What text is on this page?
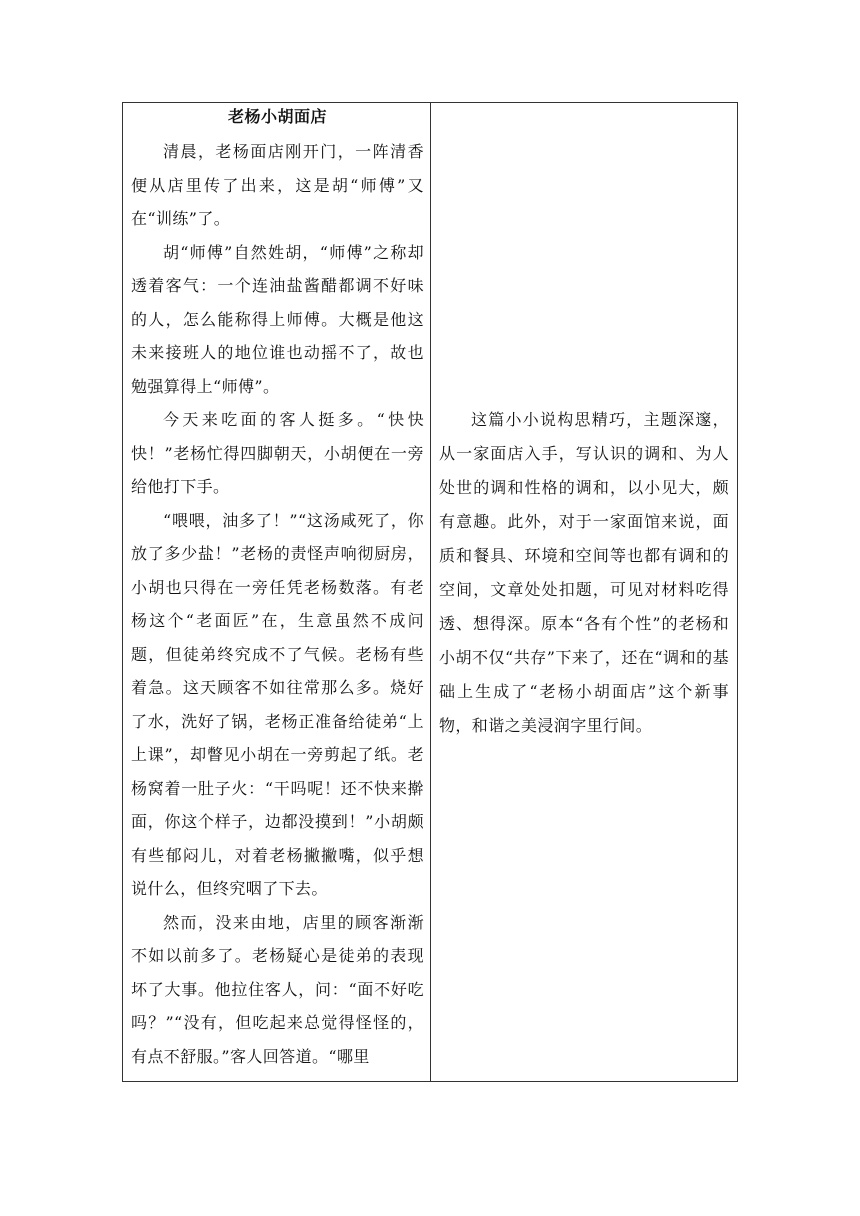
老杨小胡面店

清晨，老杨面店刚开门，一阵清香便从店里传了出来，这是胡“师傅”又在“训练”了。

胡“师傅”自然姓胡，“师傅”之称却透着客气：一个连油盐酱醋都调不好味的人，怎么能称得上师傅。大概是他这未来接班人的地位谁也动摇不了，故也勉强算得上“师傅”。

今天来吃面的客人挺多。“快快快！”老杨忙得四脚朝天，小胡便在一旁给他打下手。

“喂喂，油多了！”“这汤咸死了，你放了多少盐！”老杨的责怪声响彻厨房，小胡也只得在一旁任凭老杨数落。有老杨这个“老面匠”在，生意虽然不成问题，但徒弟终究成不了气候。老杨有些着急。这天顾客不如往常那么多。烧好了水，洗好了锅，老杨正准备给徒弟“上上课”，却瞥见小胡在一旁剪起了纸。老杨窝着一肚子火：“干吗呢！还不快来擀面，你这个样子，边都没摸到！”小胡颇有些郁闷儿，对着老杨撇撇嘴，似乎想说什么，但终究咽了下去。

然而，没来由地，店里的顾客渐渐不如以前多了。老杨疑心是徒弟的表现坏了大事。他拉住客人，问：“面不好吃吗？”“没有，但吃起来总觉得怪怪的，有点不舒服。”客人回答道。“哪里

这篇小小说构思精巧，主题深邃，从一家面店入手，写认识的调和、为人处世的调和性格的调和，以小见大，颇有意趣。此外，对于一家面馆来说，面质和餐具、环境和空间等也都有调和的空间，文章处处扣题，可见对材料吃得透、想得深。原本“各有个性”的老杨和小胡不仅“共存”下来了，还在“调和的基础上生成了“老杨小胡面店”这个新事物，和谐之美浸润字里行间。
